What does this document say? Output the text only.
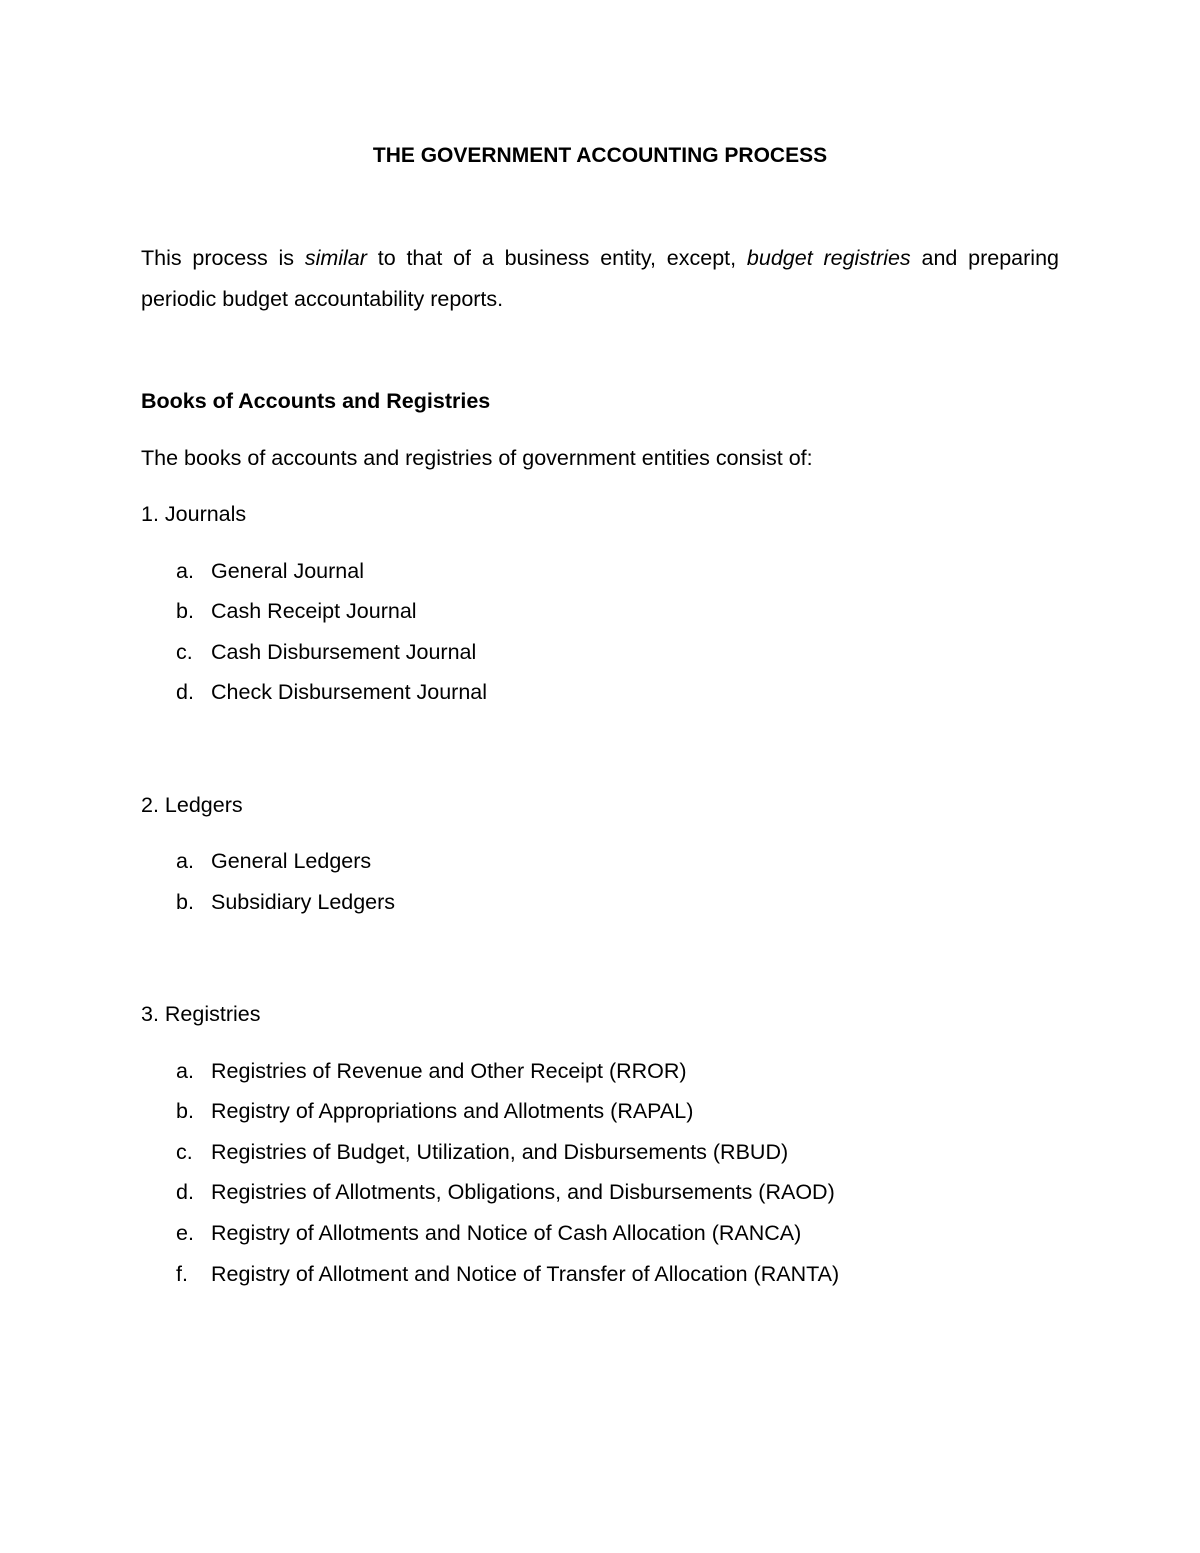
THE GOVERNMENT ACCOUNTING PROCESS
This process is similar to that of a business entity, except, budget registries and preparing periodic budget accountability reports.
Books of Accounts and Registries
The books of accounts and registries of government entities consist of:
1. Journals
a. General Journal
b. Cash Receipt Journal
c. Cash Disbursement Journal
d. Check Disbursement Journal
2. Ledgers
a. General Ledgers
b. Subsidiary Ledgers
3. Registries
a. Registries of Revenue and Other Receipt (RROR)
b. Registry of Appropriations and Allotments (RAPAL)
c. Registries of Budget, Utilization, and Disbursements (RBUD)
d. Registries of Allotments, Obligations, and Disbursements (RAOD)
e. Registry of Allotments and Notice of Cash Allocation (RANCA)
f. Registry of Allotment and Notice of Transfer of Allocation (RANTA)
